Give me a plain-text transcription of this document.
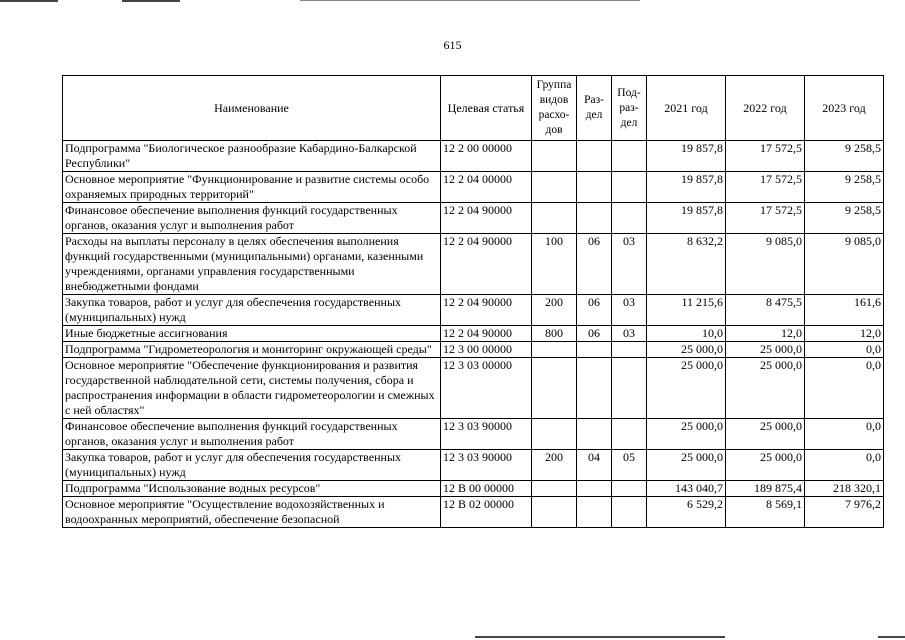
615
Наименование	Целевая статья	Группа видов расхо-дов	Раз-дел	Под-раз-дел	2021 год	2022 год	2023 год
Подпрограмма "Биологическое разнообразие Кабардино-Балкарской Республики"	12 2 00 00000				19 857,8	17 572,5	9 258,5
Основное мероприятие "Функционирование и развитие системы особо охраняемых природных территорий"	12 2 04 00000				19 857,8	17 572,5	9 258,5
Финансовое обеспечение выполнения функций государственных органов, оказания услуг и выполнения работ	12 2 04 90000				19 857,8	17 572,5	9 258,5
Расходы на выплаты персоналу в целях обеспечения выполнения функций государственными (муниципальными) органами, казенными учреждениями, органами управления государственными внебюджетными фондами	12 2 04 90000	100	06	03	8 632,2	9 085,0	9 085,0
Закупка товаров, работ и услуг для обеспечения государственных (муниципальных) нужд	12 2 04 90000	200	06	03	11 215,6	8 475,5	161,6
Иные бюджетные ассигнования	12 2 04 90000	800	06	03	10,0	12,0	12,0
Подпрограмма "Гидрометеорология и мониторинг окружающей среды"	12 3 00 00000				25 000,0	25 000,0	0,0
Основное мероприятие "Обеспечение функционирования и развития государственной наблюдательной сети, системы получения, сбора и распространения информации в области гидрометеорологии и смежных с ней областях"	12 3 03 00000				25 000,0	25 000,0	0,0
Финансовое обеспечение выполнения функций государственных органов, оказания услуг и выполнения работ	12 3 03 90000				25 000,0	25 000,0	0,0
Закупка товаров, работ и услуг для обеспечения государственных (муниципальных) нужд	12 3 03 90000	200	04	05	25 000,0	25 000,0	0,0
Подпрограмма "Использование водных ресурсов"	12 В 00 00000				143 040,7	189 875,4	218 320,1
Основное мероприятие "Осуществление водохозяйственных и водоохранных мероприятий, обеспечение безопасной	12 В 02 00000				6 529,2	8 569,1	7 976,2
